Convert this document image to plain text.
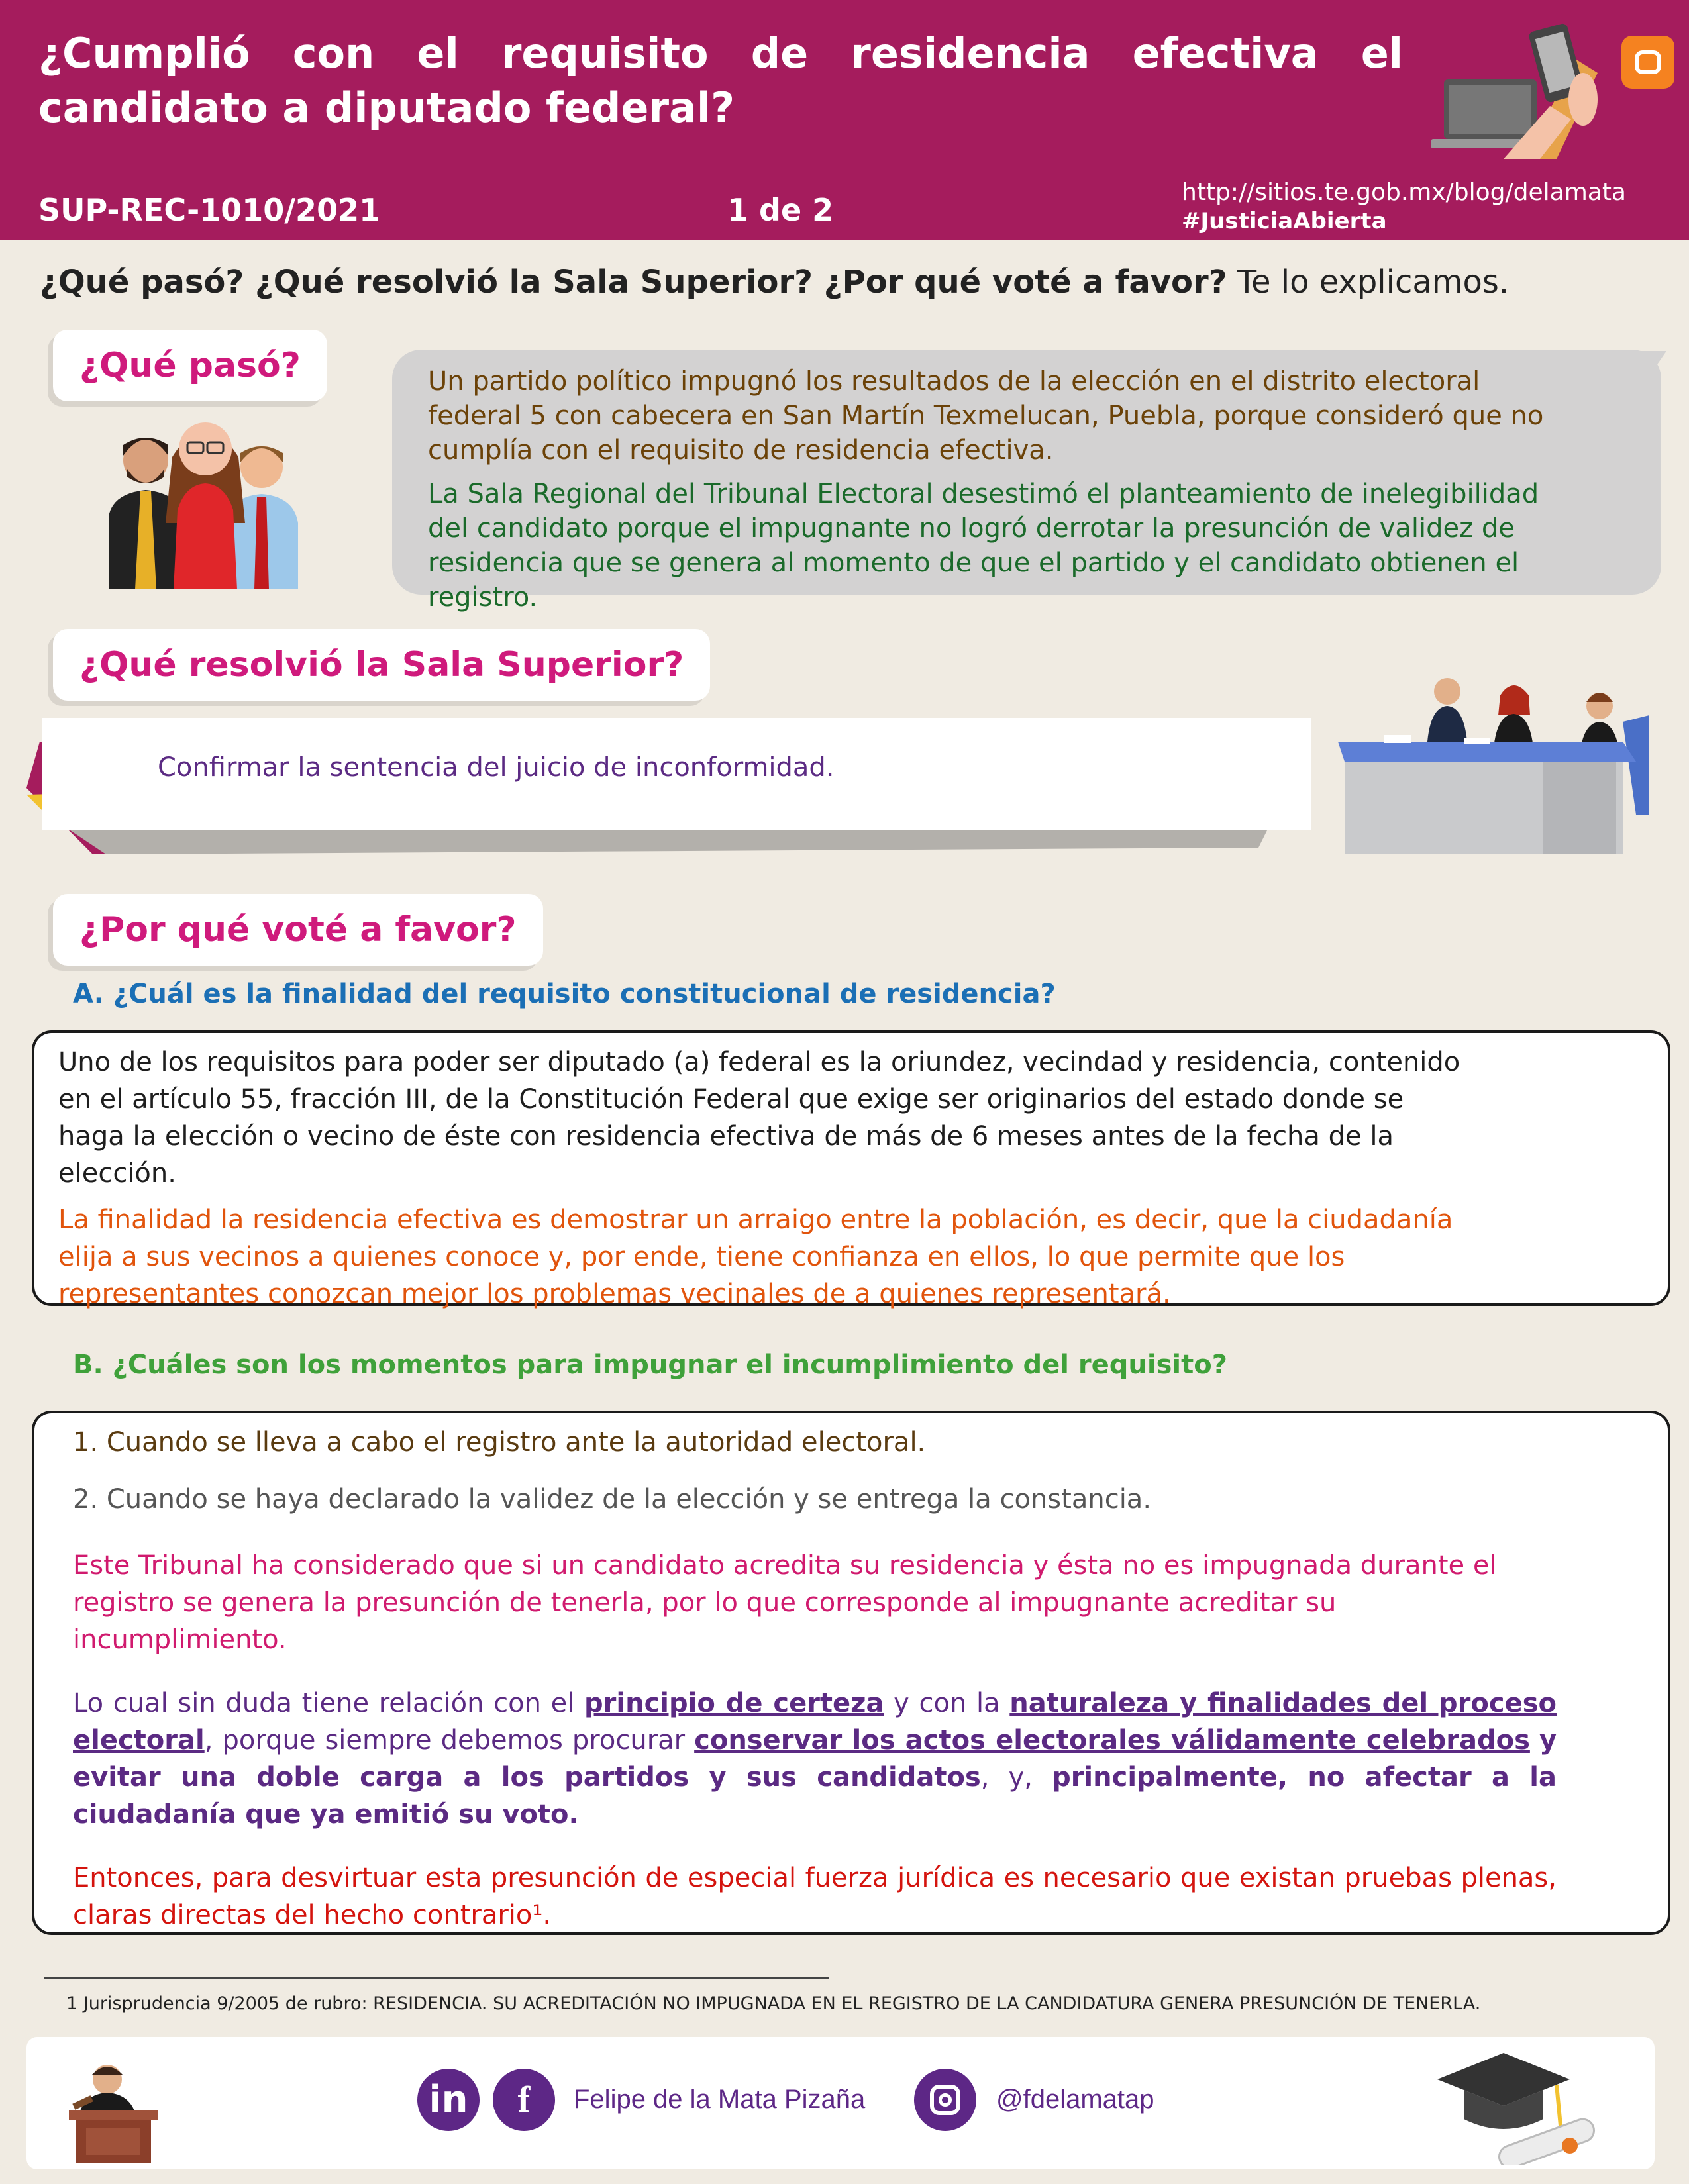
¿Cumplió con el requisito de residencia efectiva el candidato a diputado federal?
SUP-REC-1010/2021	1 de 2	http://sitios.te.gob.mx/blog/delamata
#JusticiaAbierta
¿Qué pasó? ¿Qué resolvió la Sala Superior? ¿Por qué voté a favor? Te lo explicamos.
¿Qué pasó?	Un partido político impugnó los resultados de la elección en el distrito electoral federal 5 con cabecera en San Martín Texmelucan, Puebla, porque consideró que no cumplía con el requisito de residencia efectiva.
La Sala Regional del Tribunal Electoral desestimó el planteamiento de inelegibilidad del candidato porque el impugnante no logró derrotar la presunción de validez de residencia que se genera al momento de que el partido y el candidato obtienen el registro.
¿Qué resolvió la Sala Superior?
Confirmar la sentencia del juicio de inconformidad.
¿Por qué voté a favor?
A. ¿Cuál es la finalidad del requisito constitucional de residencia?
Uno de los requisitos para poder ser diputado (a) federal es la oriundez, vecindad y residencia, contenido en el artículo 55, fracción III, de la Constitución Federal que exige ser originarios del estado donde se haga la elección o vecino de éste con residencia efectiva de más de 6 meses antes de la fecha de la elección.
La finalidad la residencia efectiva es demostrar un arraigo entre la población, es decir, que la ciudadanía elija a sus vecinos a quienes conoce y, por ende, tiene confianza en ellos, lo que permite que los representantes conozcan mejor los problemas vecinales de a quienes representará.
B. ¿Cuáles son los momentos para impugnar el incumplimiento del requisito?
1. Cuando se lleva a cabo el registro ante la autoridad electoral.
2. Cuando se haya declarado la validez de la elección y se entrega la constancia.
Este Tribunal ha considerado que si un candidato acredita su residencia y ésta no es impugnada durante el registro se genera la presunción de tenerla, por lo que corresponde al impugnante acreditar su incumplimiento.
Lo cual sin duda tiene relación con el principio de certeza y con la naturaleza y finalidades del proceso electoral, porque siempre debemos procurar conservar los actos electorales válidamente celebrados y evitar una doble carga a los partidos y sus candidatos, y, principalmente, no afectar a la ciudadanía que ya emitió su voto.
Entonces, para desvirtuar esta presunción de especial fuerza jurídica es necesario que existan pruebas plenas, claras directas del hecho contrario¹.
1 Jurisprudencia 9/2005 de rubro: RESIDENCIA. SU ACREDITACIÓN NO IMPUGNADA EN EL REGISTRO DE LA CANDIDATURA GENERA PRESUNCIÓN DE TENERLA.
in	f	Felipe de la Mata Pizaña	@fdelamatap
